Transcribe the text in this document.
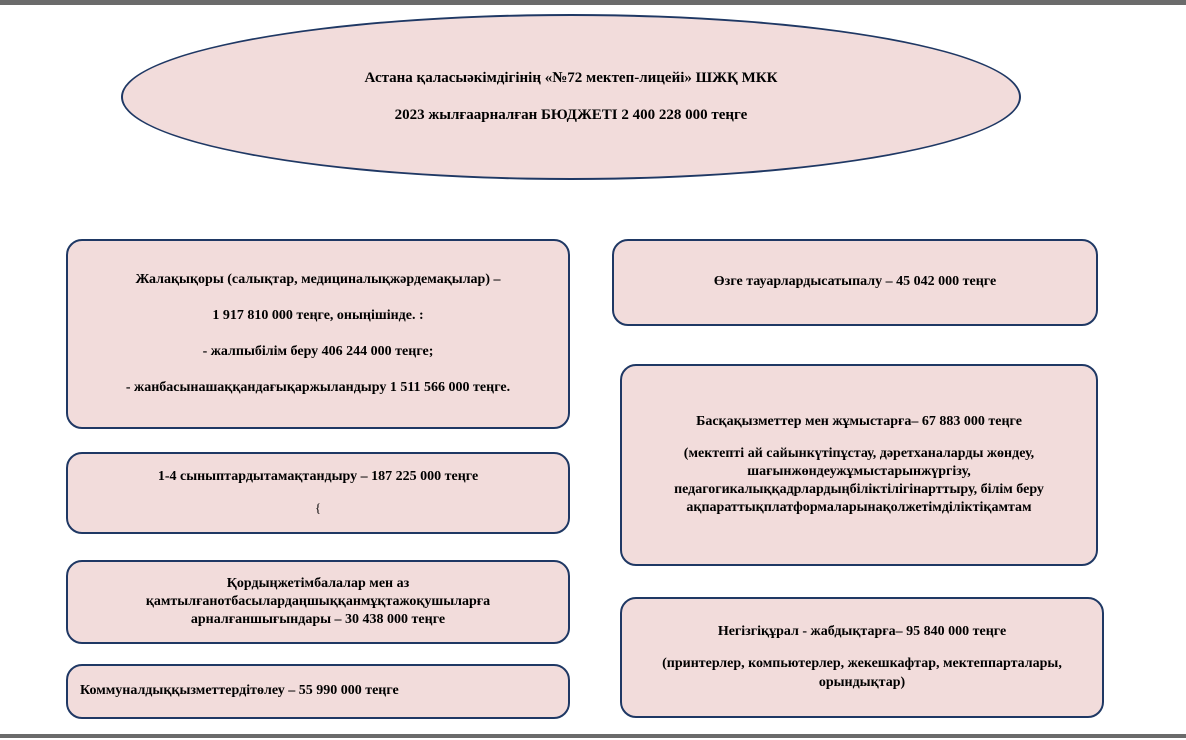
Астана қаласыәкімдігінің «№72 мектеп-лицейі» ШЖҚ МКК
2023 жылғаарналған БЮДЖЕТІ 2 400 228 000 теңге

Жалақықоры (салықтар, медициналықжәрдемақылар) –

1 917 810 000 теңге, оныңішінде. :

- жалпыбілім беру 406 244 000 теңге;

- жанбасынашаққандағықаржыландыру 1 511 566 000 теңге.

1-4 сыныптардытамақтандыру – 187 225 000 теңге
{

Қордыңжетімбалалар мен аз қамтылғанотбасылардаңшыққанмұқтажоқушыларға арналғаншығындары – 30 438 000 теңге

Коммуналдыққызметтердітөлеу – 55 990 000 теңге
Өзге тауарлардысатыпалу – 45 042 000 теңге
Басқақызметтер мен жұмыстарға– 67 883 000 теңге

(мектепті ай сайынкүтіпұстау, дәретханаларды жөндеу, шағынжөндеужұмыстарынжүргізу, педагогикалыққадрлардыңбіліктілігінарттыру, білім беру ақпараттықплатформаларынақолжетімділіктіқамтам

Негізгіқұрал - жабдықтарға– 95 840 000 теңге

(принтерлер, компьютерлер, жекешкафтар, мектеппарталары, орындықтар)
